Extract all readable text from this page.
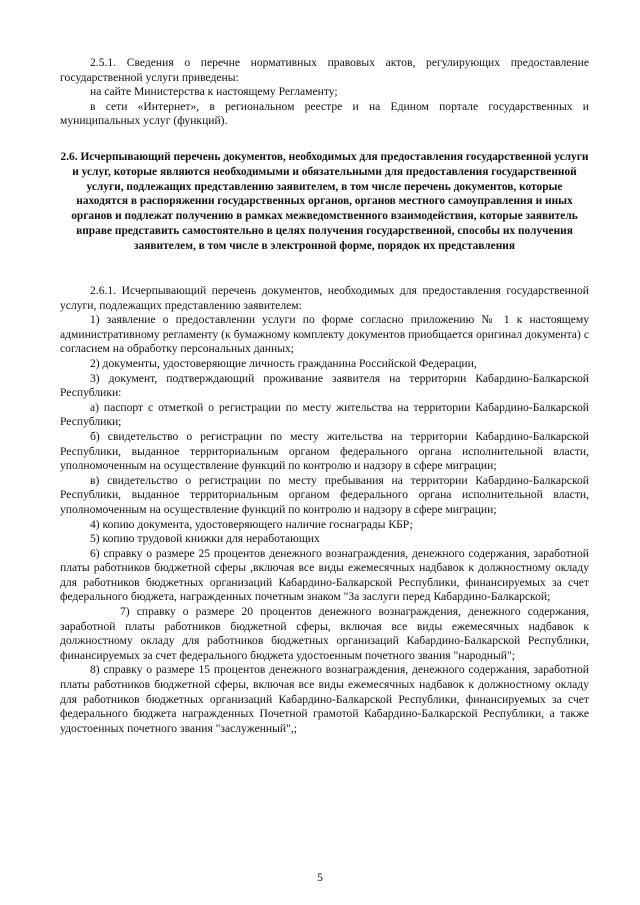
2.5.1. Сведения о перечне нормативных правовых актов, регулирующих предоставление государственной услуги приведены:

на сайте Министерства к настоящему Регламенту;

в сети «Интернет», в региональном реестре и на Едином портале государственных и муниципальных услуг (функций).

2.6. Исчерпывающий перечень документов, необходимых для предоставления государственной услуги и услуг, которые являются необходимыми и обязательными для предоставления государственной услуги, подлежащих представлению заявителем, в том числе перечень документов, которые находятся в распоряжении государственных органов, органов местного самоуправления и иных органов и подлежат получению в рамках межведомственного взаимодействия, которые заявитель вправе представить самостоятельно в целях получения государственной, способы их получения заявителем, в том числе в электронной форме, порядок их представления

2.6.1. Исчерпывающий перечень документов, необходимых для предоставления государственной услуги, подлежащих представлению заявителем:

1) заявление о предоставлении услуги по форме согласно приложению № 1 к настоящему административному регламенту (к бумажному комплекту документов приобщается оригинал документа) с согласием на обработку персональных данных;

2) документы, удостоверяющие личность гражданина Российской Федерации,

3) документ, подтверждающий проживание заявителя на территории Кабардино-Балкарской Республики:

а) паспорт с отметкой о регистрации по месту жительства на территории Кабардино-Балкарской Республики;

б) свидетельство о регистрации по месту жительства на территории Кабардино-Балкарской Республики, выданное территориальным органом федерального органа исполнительной власти, уполномоченным на осуществление функций по контролю и надзору в сфере миграции;

в) свидетельство о регистрации по месту пребывания на территории Кабардино-Балкарской Республики, выданное территориальным органом федерального органа исполнительной власти, уполномоченным на осуществление функций по контролю и надзору в сфере миграции;

4) копию документа, удостоверяющего наличие госнаграды КБР;

5) копию трудовой книжки для неработающих

6) справку о размере 25 процентов денежного вознаграждения, денежного содержания, заработной платы работников бюджетной сферы ,включая все виды ежемесячных надбавок к должностному окладу для работников бюджетных организаций Кабардино-Балкарской Республики, финансируемых за счет федерального бюджета, награжденных почетным знаком "За заслуги перед Кабардино-Балкарской;

7) справку о размере 20 процентов денежного вознаграждения, денежного содержания, заработной платы работников бюджетной сферы, включая все виды ежемесячных надбавок к должностному окладу для работников бюджетных организаций Кабардино-Балкарской Республики, финансируемых за счет федерального бюджета удостоенным почетного звания "народный";

8) справку о размере 15 процентов денежного вознаграждения, денежного содержания, заработной платы работников бюджетной сферы, включая все виды ежемесячных надбавок к должностному окладу для работников бюджетных организаций Кабардино-Балкарской Республики, финансируемых за счет федерального бюджета награжденных Почетной грамотой Кабардино-Балкарской Республики, а также удостоенных почетного звания "заслуженный",;

5
